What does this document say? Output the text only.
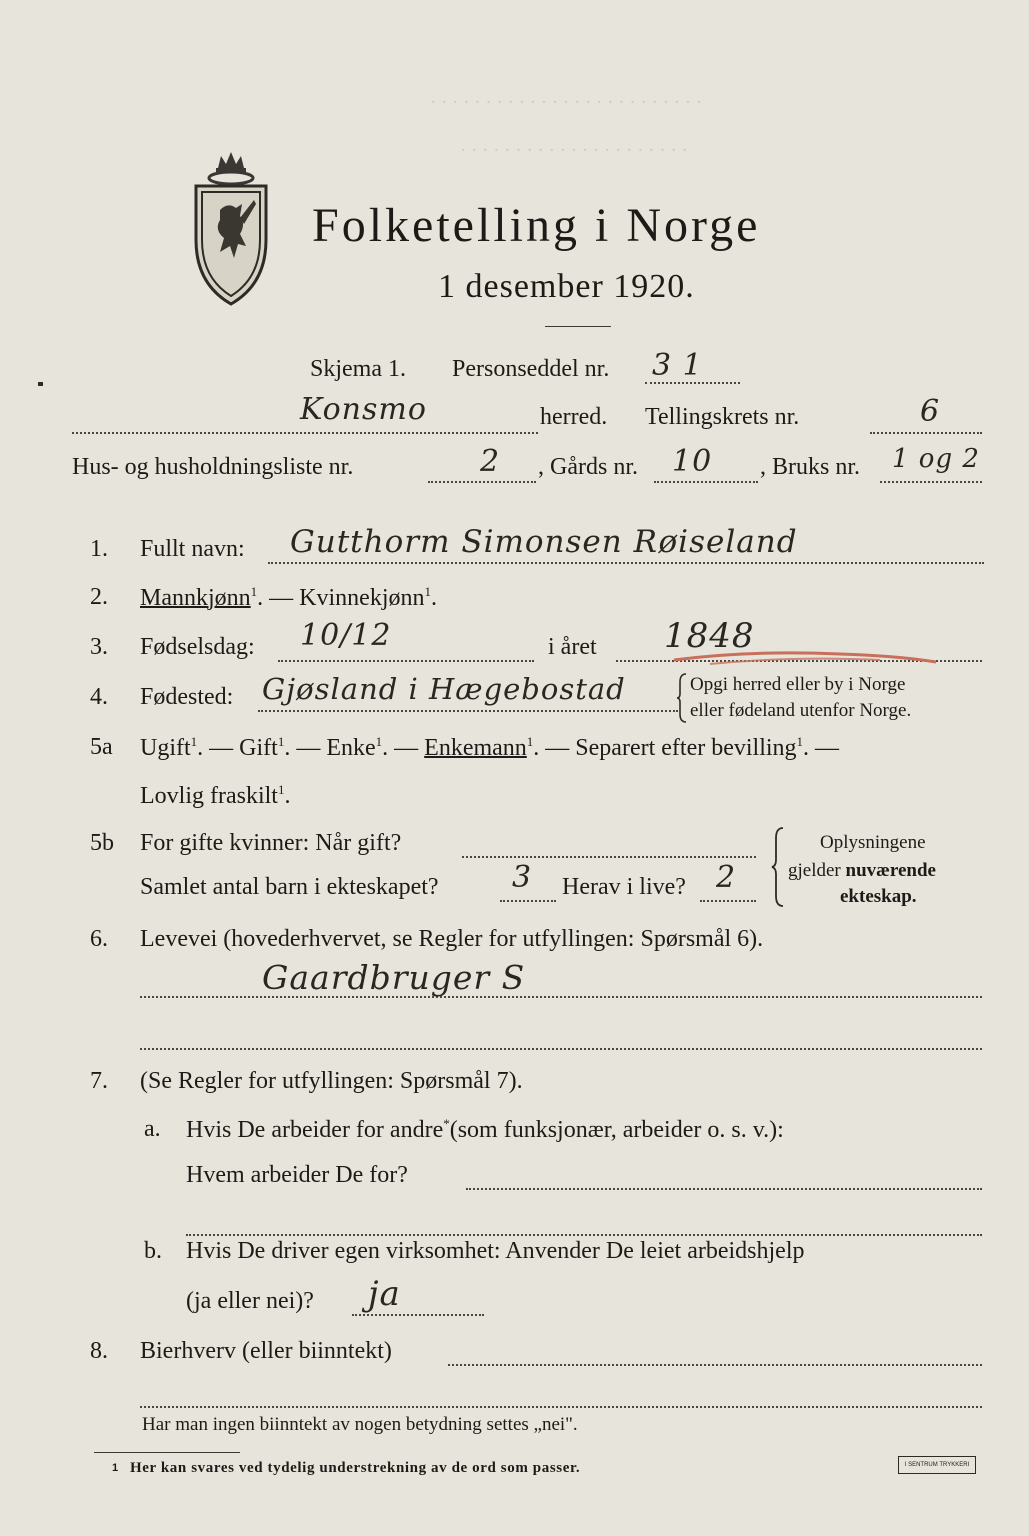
· · · · · · · · · · · · · · · · · · · · · · · · ·
· · · · · · · · · · · · · · · · · · · · ·
Folketelling i Norge
1 desember 1920.
Skjema 1. Personseddel nr. 3 1
Konsmo	herred. Tellingskrets nr.	6
Hus- og husholdningsliste nr.	2 , Gårds nr. 10 , Bruks nr. 1 og 2
1. Fullt navn: Gutthorm Simonsen Røiseland
2. Mannkjønn$^1$. — Kvinnekjønn$^1$.
3. Fødselsdag: 10/12	i året 1848
4. Fødested: Gjøsland i Hægebostad	Opgi herred eller by i Norge
eller fødeland utenfor Norge.
5a Ugift$^1$. — Gift$^1$. — Enke$^1$. — Enkemann$^1$. — Separert efter bevilling$^1$. —
Lovlig fraskilt$^1$.
5b For gifte kvinner: Når gift?
Samlet antal barn i ekteskapet? 3 Herav i live? 2
Oplysningene
gjelder nuværende
ekteskap.
6. Levevei (hovederhvervet, se Regler for utfyllingen: Spørsmål 6).
Gaardbruger S
7. (Se Regler for utfyllingen: Spørsmål 7).
a. Hvis De arbeider for andre*(som funksjonær, arbeider o. s. v.):
Hvem arbeider De for?
b. Hvis De driver egen virksomhet: Anvender De leiet arbeidshjelp
(ja eller nei)? ja
8. Bierhverv (eller biinntekt)
Har man ingen biinntekt av nogen betydning settes „nei".
1 Her kan svares ved tydelig understrekning av de ord som passer.	I SENTRUM TRYKKERI
